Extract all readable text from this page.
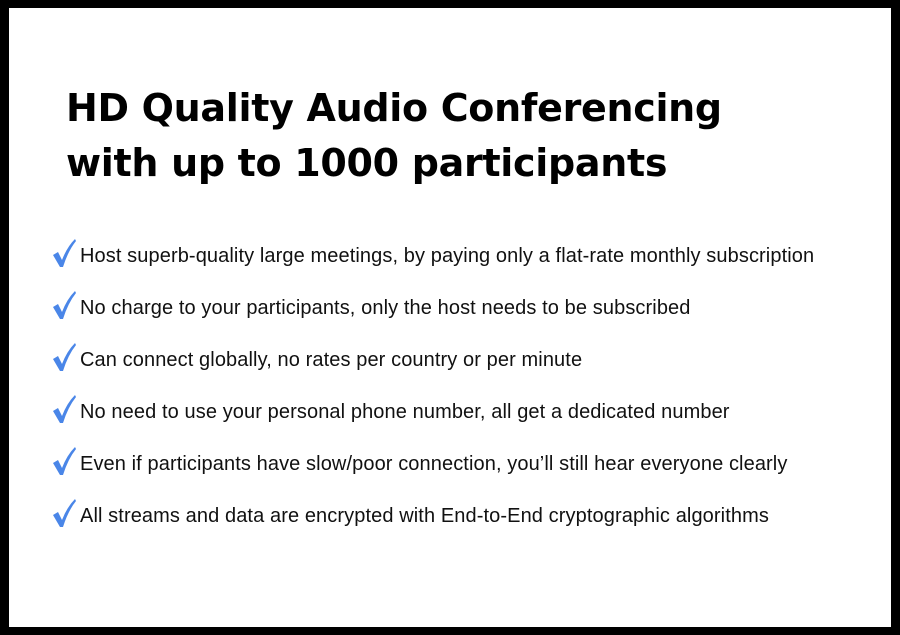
HD Quality Audio Conferencing
with up to 1000 participants
Host superb-quality large meetings, by paying only a flat-rate monthly subscription
No charge to your participants, only the host needs to be subscribed
Can connect globally, no rates per country or per minute
No need to use your personal phone number, all get a dedicated number
Even if participants have slow/poor connection, you’ll still hear everyone clearly
All streams and data are encrypted with End-to-End cryptographic algorithms
